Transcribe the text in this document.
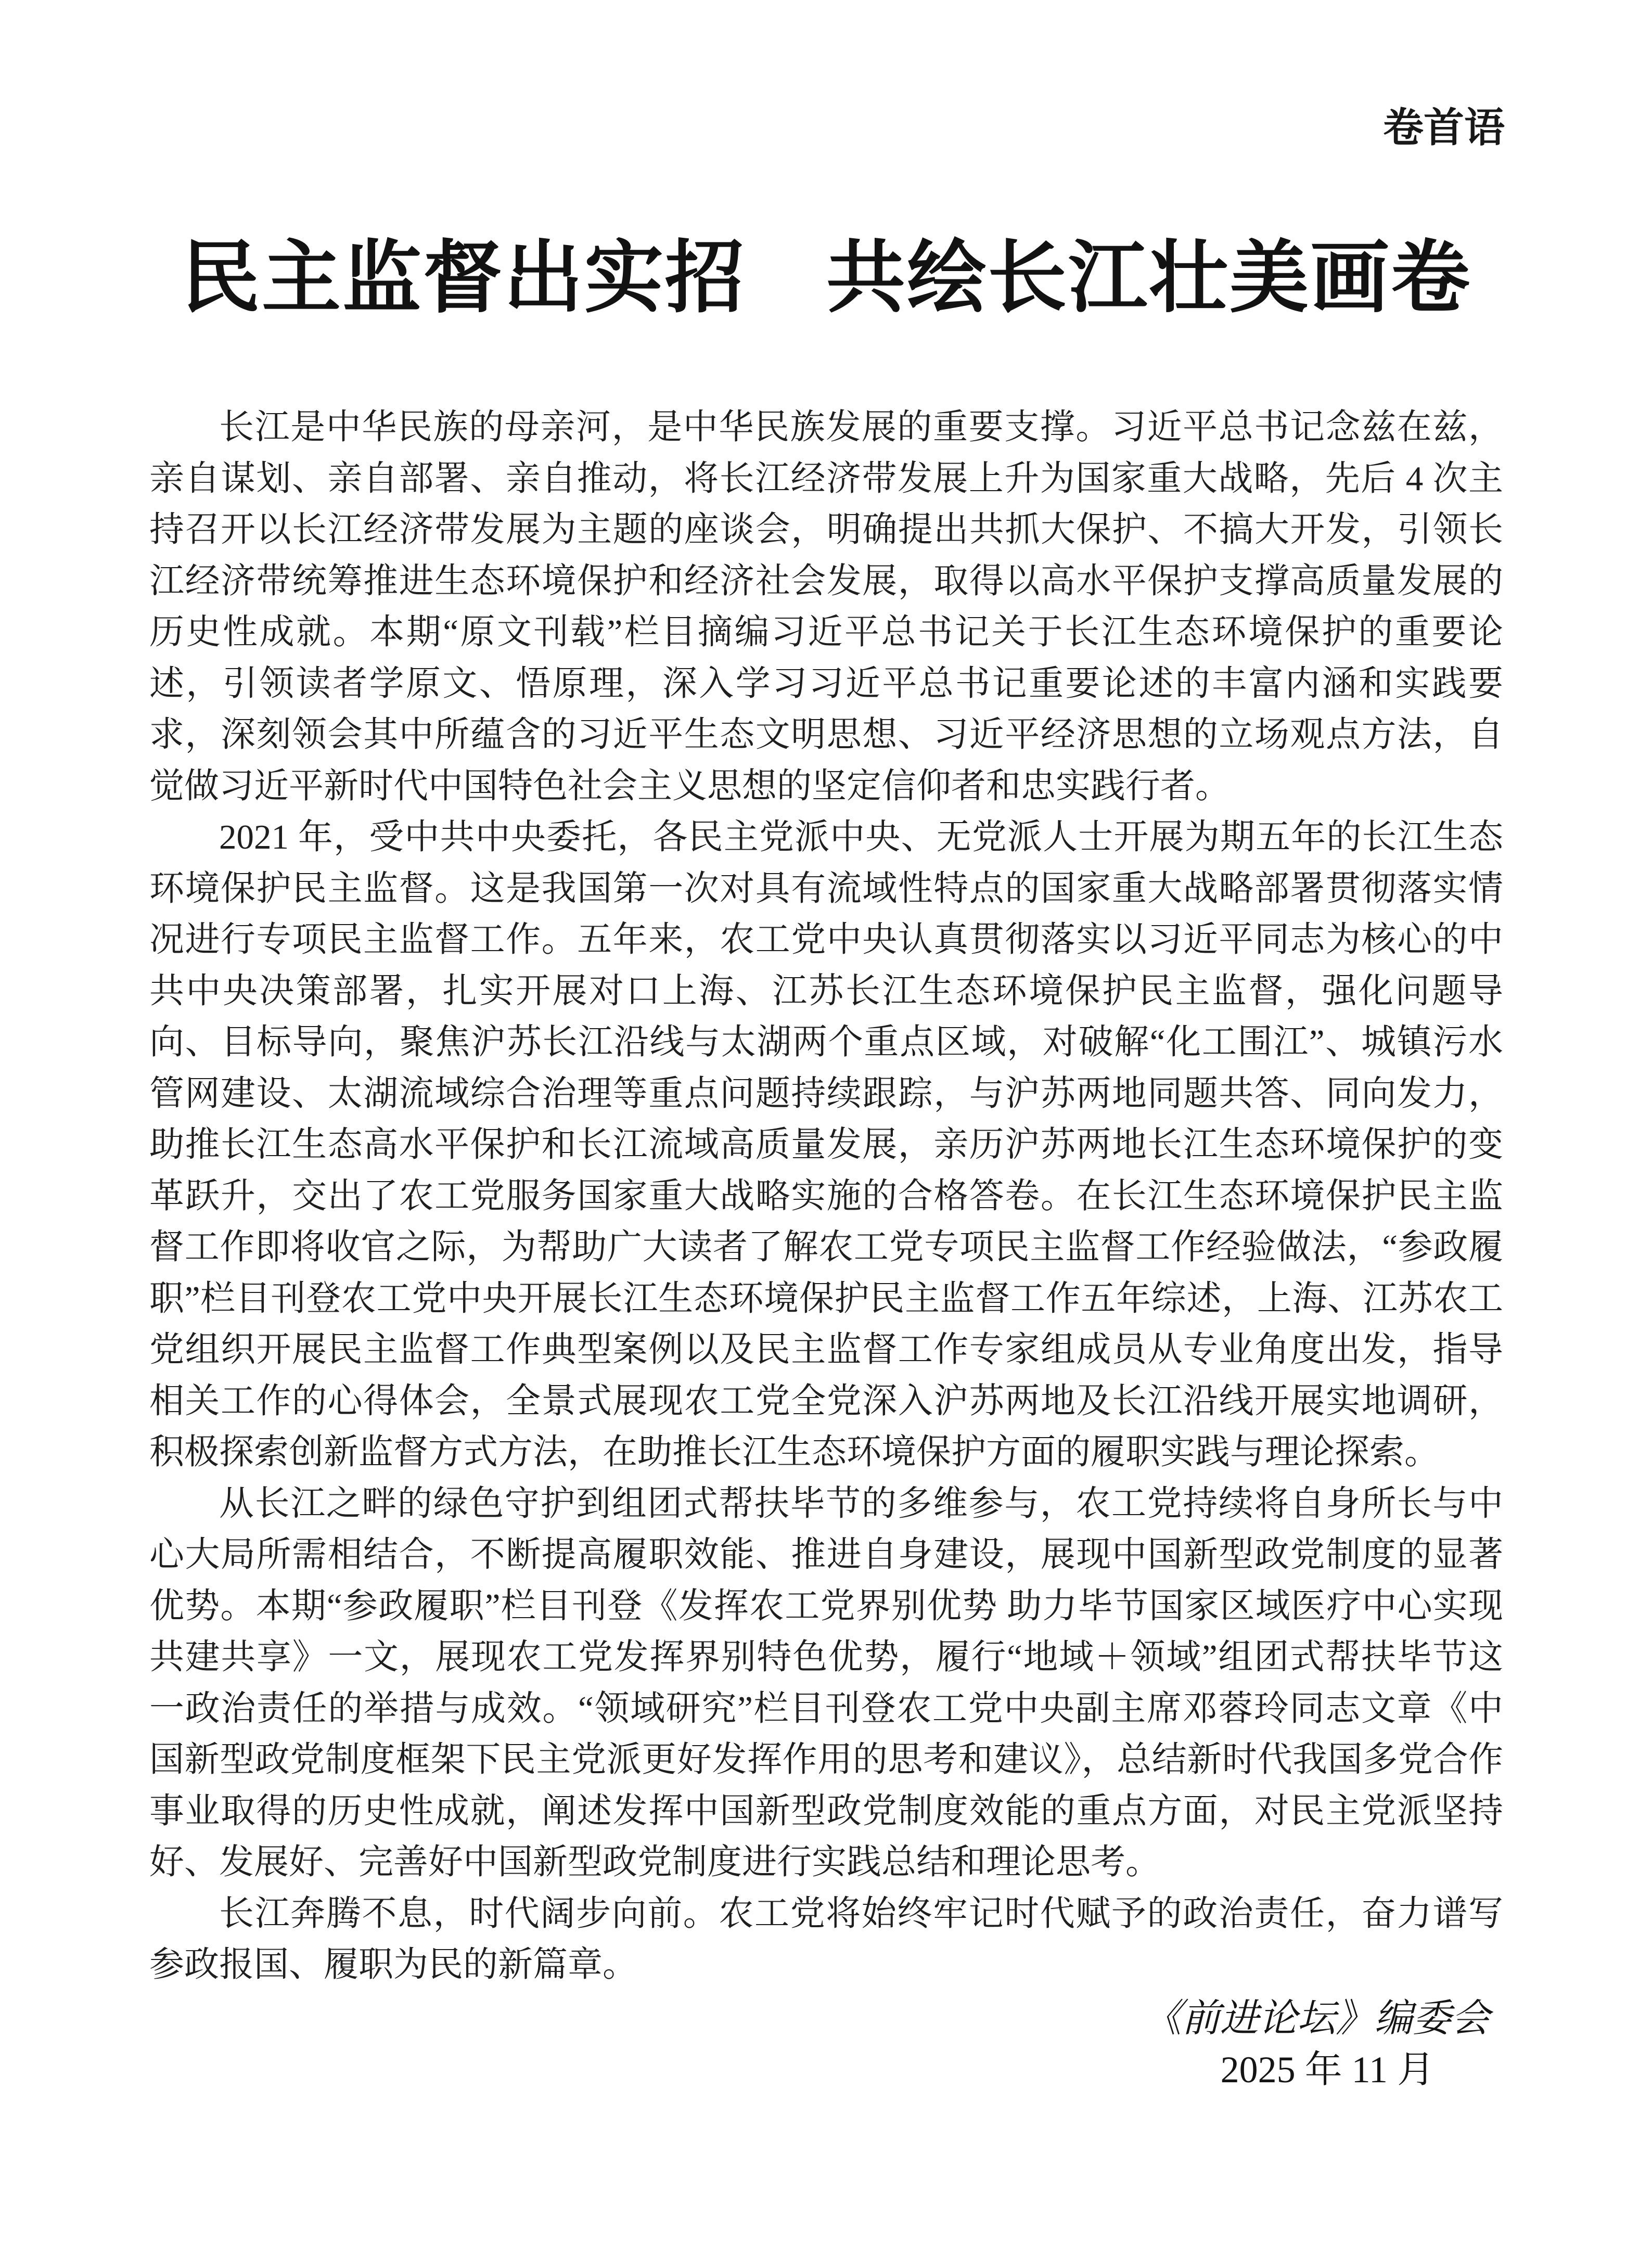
卷首语
民主监督出实招　共绘长江壮美画卷

长江是中华民族的母亲河，是中华民族发展的重要支撑。习近平总书记念兹在兹，亲自谋划、亲自部署、亲自推动，将长江经济带发展上升为国家重大战略，先后 4 次主持召开以长江经济带发展为主题的座谈会，明确提出共抓大保护、不搞大开发，引领长江经济带统筹推进生态环境保护和经济社会发展，取得以高水平保护支撑高质量发展的历史性成就。本期“原文刊载”栏目摘编习近平总书记关于长江生态环境保护的重要论述，引领读者学原文、悟原理，深入学习习近平总书记重要论述的丰富内涵和实践要求，深刻领会其中所蕴含的习近平生态文明思想、习近平经济思想的立场观点方法，自觉做习近平新时代中国特色社会主义思想的坚定信仰者和忠实践行者。

2021 年，受中共中央委托，各民主党派中央、无党派人士开展为期五年的长江生态环境保护民主监督。这是我国第一次对具有流域性特点的国家重大战略部署贯彻落实情况进行专项民主监督工作。五年来，农工党中央认真贯彻落实以习近平同志为核心的中共中央决策部署，扎实开展对口上海、江苏长江生态环境保护民主监督，强化问题导向、目标导向，聚焦沪苏长江沿线与太湖两个重点区域，对破解“化工围江”、城镇污水管网建设、太湖流域综合治理等重点问题持续跟踪，与沪苏两地同题共答、同向发力，助推长江生态高水平保护和长江流域高质量发展，亲历沪苏两地长江生态环境保护的变革跃升，交出了农工党服务国家重大战略实施的合格答卷。在长江生态环境保护民主监督工作即将收官之际，为帮助广大读者了解农工党专项民主监督工作经验做法，“参政履职”栏目刊登农工党中央开展长江生态环境保护民主监督工作五年综述，上海、江苏农工党组织开展民主监督工作典型案例以及民主监督工作专家组成员从专业角度出发，指导相关工作的心得体会，全景式展现农工党全党深入沪苏两地及长江沿线开展实地调研，积极探索创新监督方式方法，在助推长江生态环境保护方面的履职实践与理论探索。

从长江之畔的绿色守护到组团式帮扶毕节的多维参与，农工党持续将自身所长与中心大局所需相结合，不断提高履职效能、推进自身建设，展现中国新型政党制度的显著优势。本期“参政履职”栏目刊登《发挥农工党界别优势 助力毕节国家区域医疗中心实现共建共享》一文，展现农工党发挥界别特色优势，履行“地域＋领域”组团式帮扶毕节这一政治责任的举措与成效。“领域研究”栏目刊登农工党中央副主席邓蓉玲同志文章《中国新型政党制度框架下民主党派更好发挥作用的思考和建议》，总结新时代我国多党合作事业取得的历史性成就，阐述发挥中国新型政党制度效能的重点方面，对民主党派坚持好、发展好、完善好中国新型政党制度进行实践总结和理论思考。

长江奔腾不息，时代阔步向前。农工党将始终牢记时代赋予的政治责任，奋力谱写参政报国、履职为民的新篇章。

《前进论坛》编委会
2025 年 11 月
